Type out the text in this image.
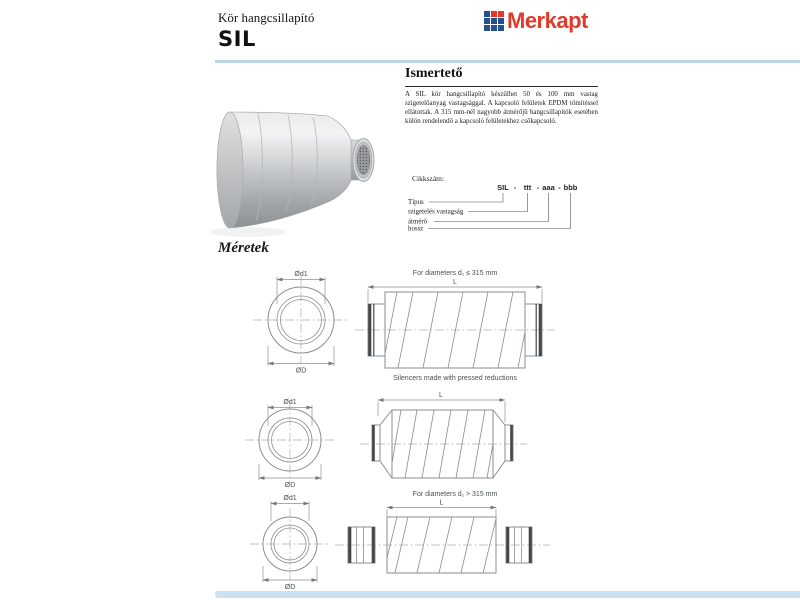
Kör hangcsillapító
SIL
Merkapt
Cikkszám:
SIL - ttt - aaa - bbb
Típus
szigetelés vastagság
átmérő
hossz
Ismertető

A SIL kör hangcsillapító készülhet 50 és 100 mm vastag szigetelőanyag vastagsággal. A kapcsoló felületek EPDM tömítéssel ellátottak. A 315 mm-nél nagyobb átmérőjű hangcsillapítók esetében külön rendelendő a kapcsoló felületekhez csőkapcsoló.

Méretek
Ød1
ØD
For diameters d₁ ≤ 315 mm
L
Silencers made with pressed reductions
Ød1
ØD
L
For diameters d₁ > 315 mm
Ød1
ØD
L
